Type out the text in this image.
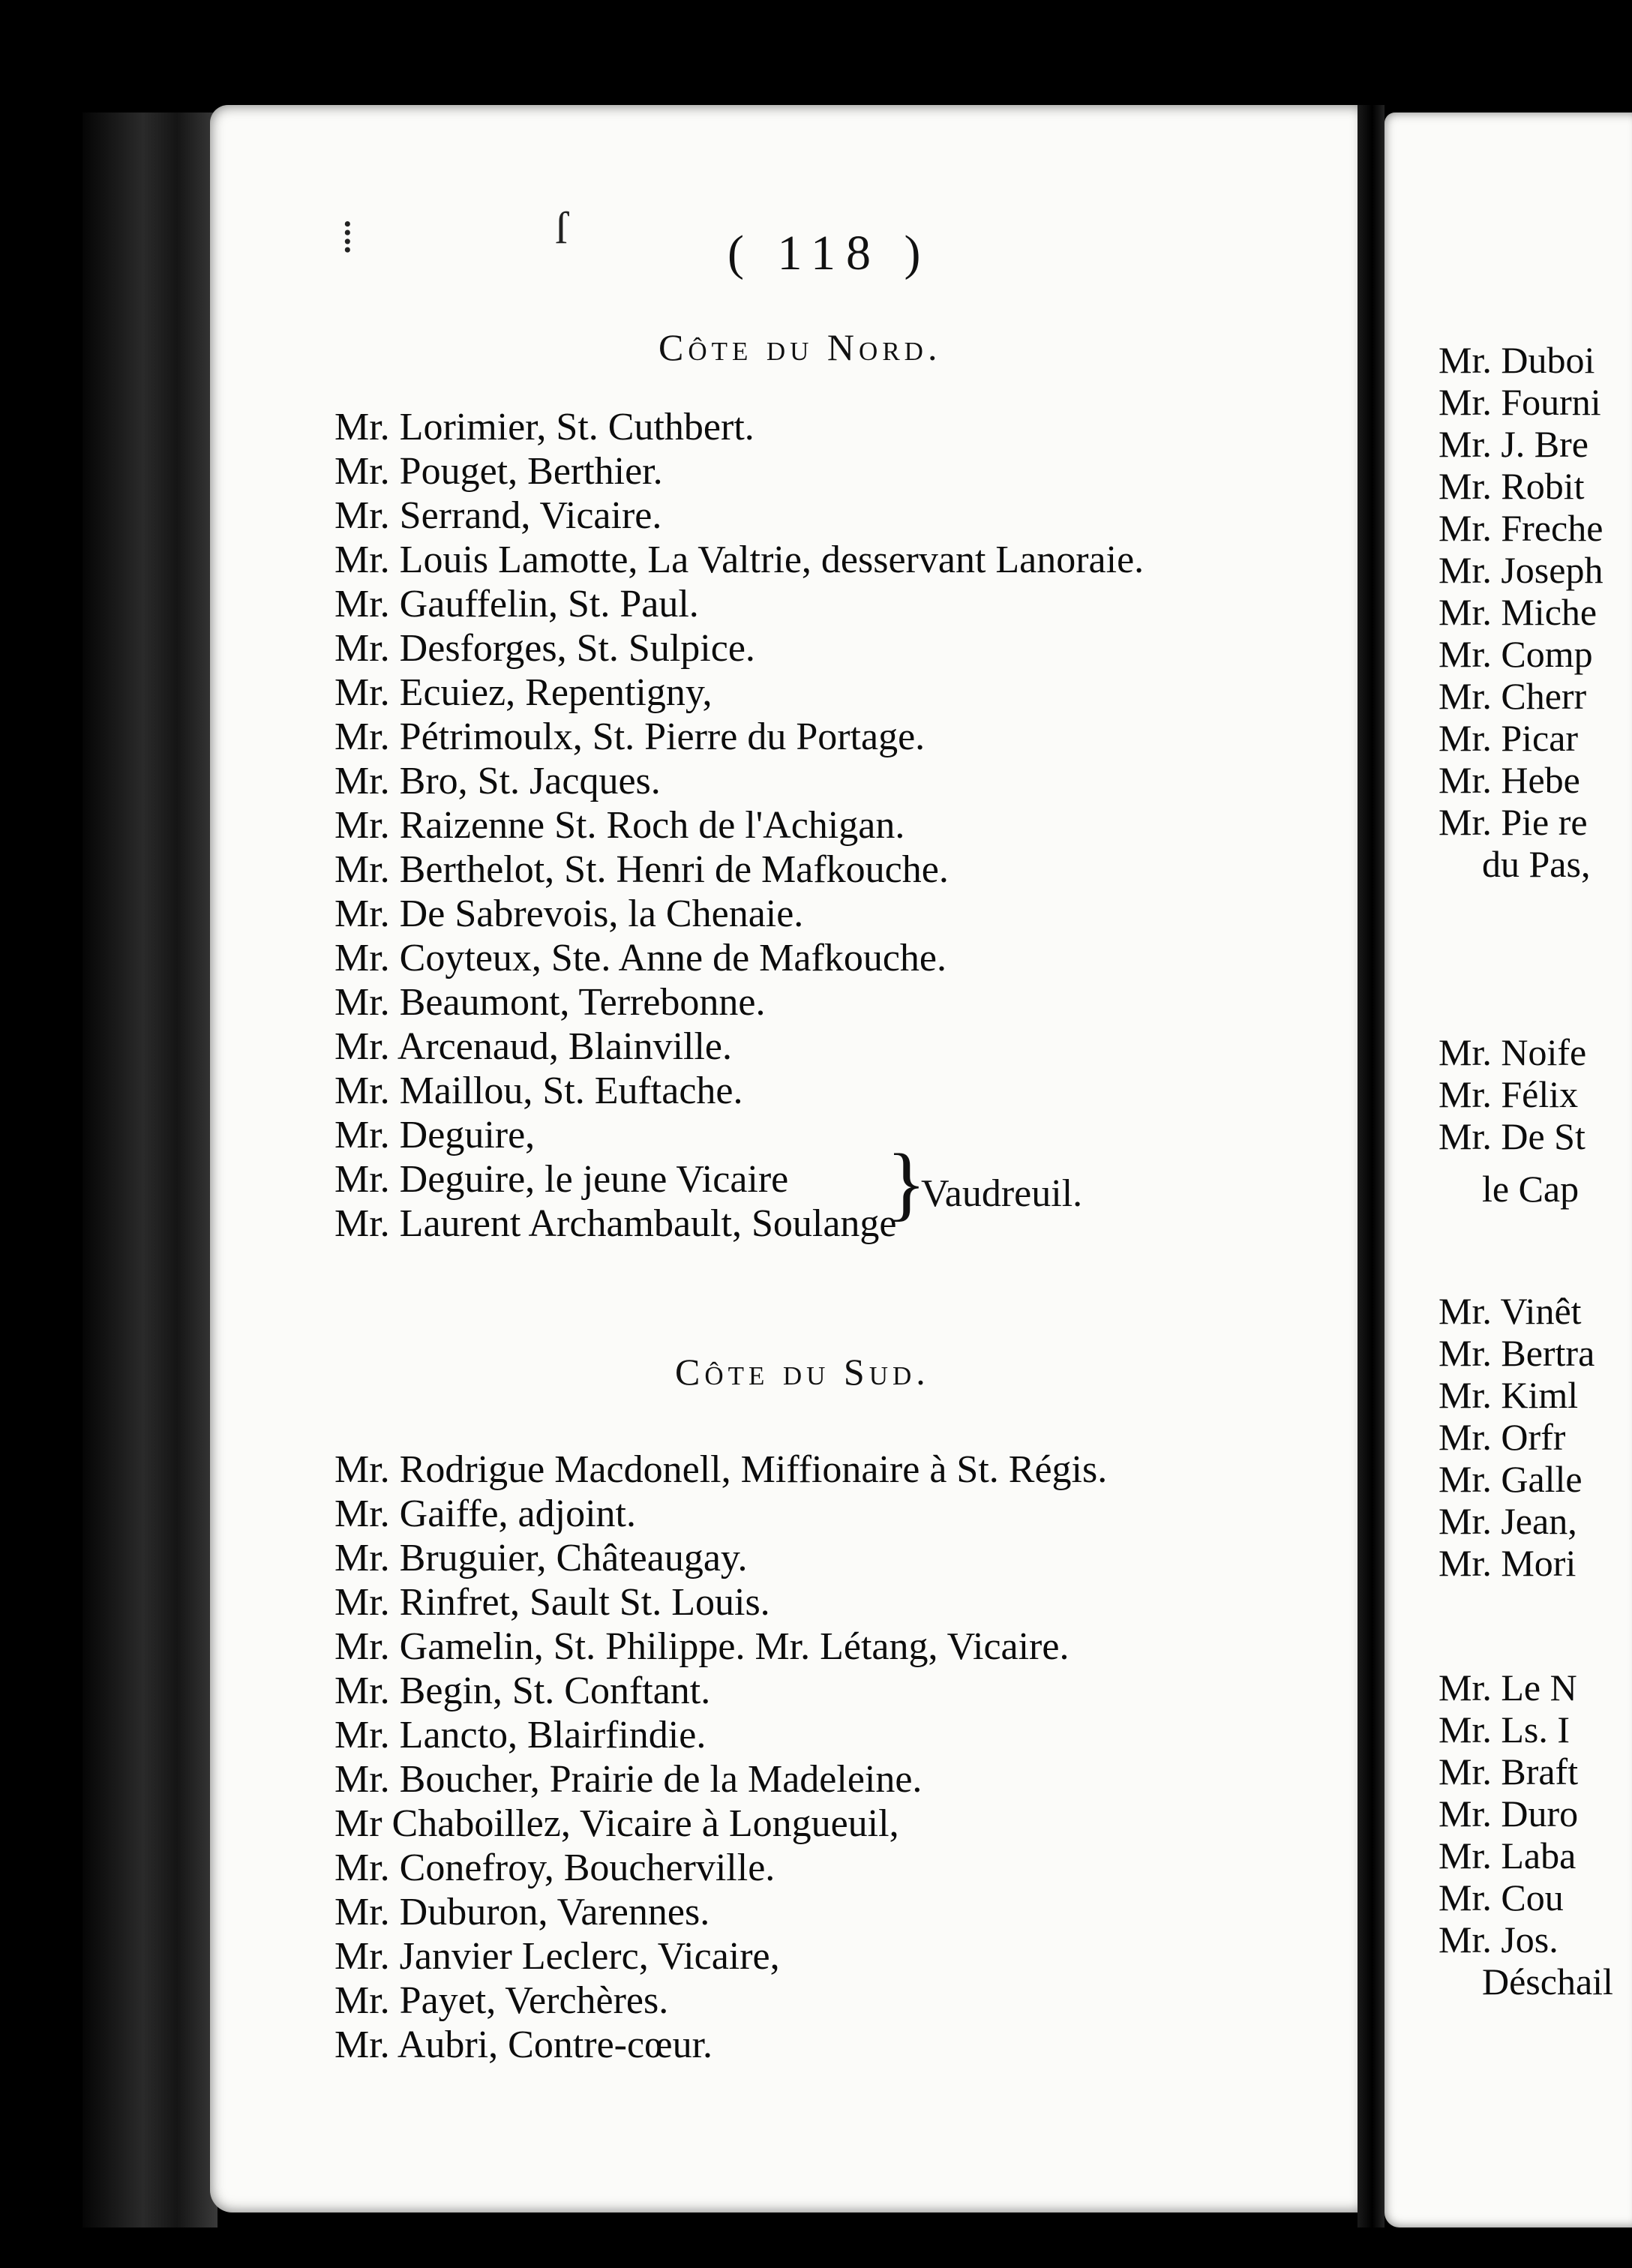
⁞	ſ	( 118 )
Côte du Nord.
Mr. Lorimier, St. Cuthbert.
Mr. Pouget, Berthier.
Mr. Serrand, Vicaire.
Mr. Louis Lamotte, La Valtrie, desservant Lanoraie.
Mr. Gauffelin, St. Paul.
Mr. Desforges, St. Sulpice.
Mr. Ecuiez, Repentigny,
Mr. Pétrimoulx, St. Pierre du Portage.
Mr. Bro, St. Jacques.
Mr. Raizenne St. Roch de l'Achigan.
Mr. Berthelot, St. Henri de Mafkouche.
Mr. De Sabrevois, la Chenaie.
Mr. Coyteux, Ste. Anne de Mafkouche.
Mr. Beaumont, Terrebonne.
Mr. Arcenaud, Blainville.
Mr. Maillou, St. Euftache.
Mr. Deguire,
Mr. Deguire, le jeune Vicaire
Mr. Laurent Archambault, Soulange
}
Vaudreuil.
Côte du Sud.
Mr. Rodrigue Macdonell, Miffionaire à St. Régis.
Mr. Gaiffe, adjoint.
Mr. Bruguier, Châteaugay.
Mr. Rinfret, Sault St. Louis.
Mr. Gamelin, St. Philippe. Mr. Létang, Vicaire.
Mr. Begin, St. Conftant.
Mr. Lancto, Blairfindie.
Mr. Boucher, Prairie de la Madeleine.
Mr Chaboillez, Vicaire à Longueuil,
Mr. Conefroy, Boucherville.
Mr. Duburon, Varennes.
Mr. Janvier Leclerc, Vicaire,
Mr. Payet, Verchères.
Mr. Aubri, Contre-cœur.
Mr. Duboi
Mr. Fourni
Mr. J. Bre
Mr. Robit
Mr. Freche
Mr. Joseph
Mr. Miche
Mr. Comp
Mr. Cherr
Mr. Picar
Mr. Hebe
Mr. Pie re
du Pas,
Mr. Noife
Mr. Félix
Mr. De St
le Cap
Mr. Vinêt
Mr. Bertra
Mr. Kiml
Mr. Orfr
Mr. Galle
Mr. Jean,
Mr. Mori
Mr. Le N
Mr. Ls. I
Mr. Braft
Mr. Duro
Mr. Laba
Mr. Cou
Mr. Jos.
Déschail
